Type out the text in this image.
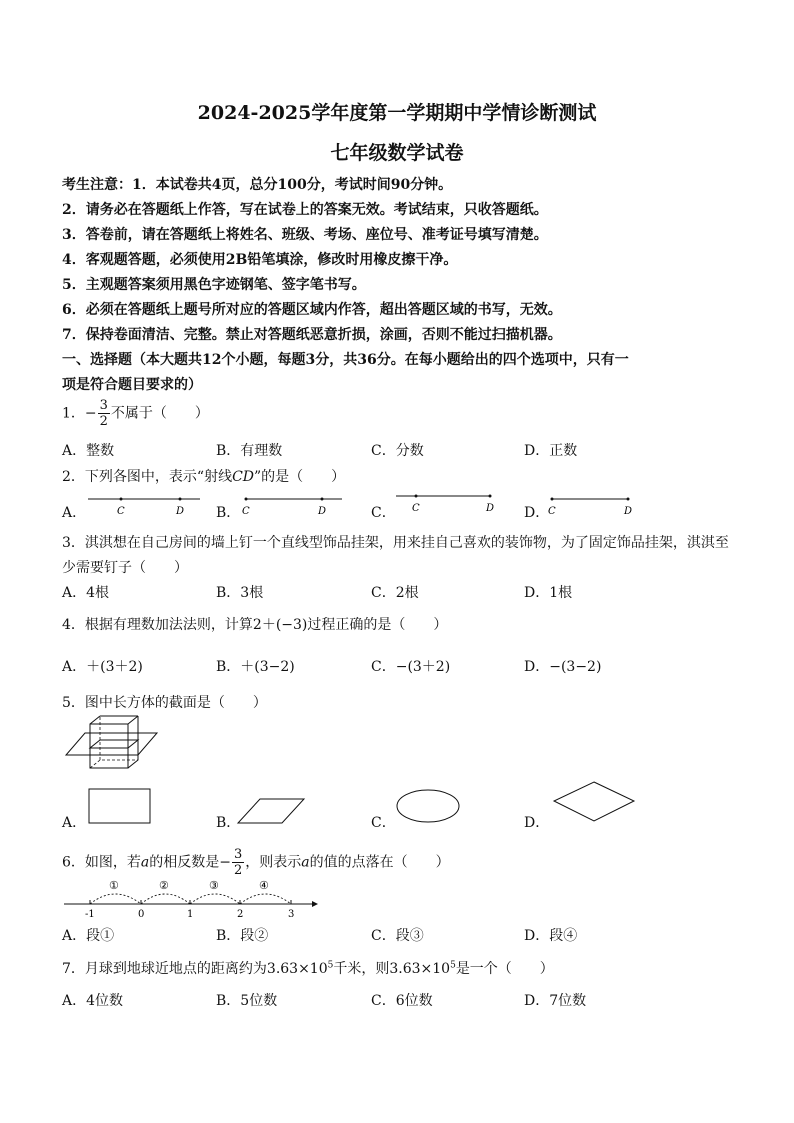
2024-2025学年度第一学期期中学情诊断测试
七年级数学试卷
考生注意：1．本试卷共4页，总分100分，考试时间90分钟。
2．请务必在答题纸上作答，写在试卷上的答案无效。考试结束，只收答题纸。
3．答卷前，请在答题纸上将姓名、班级、考场、座位号、准考证号填写清楚。
4．客观题答题，必须使用2B铅笔填涂，修改时用橡皮擦干净。
5．主观题答案须用黑色字迹钢笔、签字笔书写。
6．必须在答题纸上题号所对应的答题区域内作答，超出答题区域的书写，无效。
7．保持卷面清洁、完整。禁止对答题纸恶意折损，涂画，否则不能过扫描机器。
一、选择题（本大题共12个小题，每题3分，共36分。在每小题给出的四个选项中，只有一
项是符合题目要求的）
1．− $\frac{3}{2}$ 不属于（　　）
A．整数	B．有理数	C．分数	D．正数
2．下列各图中，表示“射线CD”的是（　　）
A．	B．	C．	D．
C	D	C	D	C	D	C	D
3．淇淇想在自己房间的墙上钉一个直线型饰品挂架，用来挂自己喜欢的装饰物，为了固定饰品挂架，淇淇至
少需要钉子（　　）
A．4根	B．3根	C．2根	D．1根
4．根据有理数加法法则，计算2＋(−3)过程正确的是（　　）
A．＋(3＋2)	B．＋(3−2)	C．−(3＋2)	D．−(3−2)
5．图中长方体的截面是（　　）
A．	B．	C．	D．
6．如图，若a的相反数是− $\frac{3}{2}$ ，则表示a的值的点落在（　　）
①	②	③	④
-1	0	1	2	3
A．段①	B．段②	C．段③	D．段④
7．月球到地球近地点的距离约为$3.63\times 10^5$千米，则$3.63\times 10^5$是一个（　　）
A．4位数	B．5位数	C．6位数	D．7位数
